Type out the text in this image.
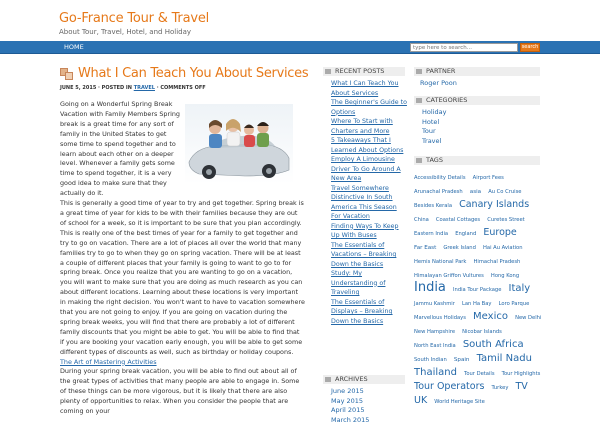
Go-France Tour & Travel
About Tour, Travel, Hotel, and Holiday
HOME
type here to search...	search
What I Can Teach You About Services
JUNE 5, 2015 · POSTED IN TRAVEL · COMMENTS OFF

Going on a Wonderful Spring Break Vacation with Family Members Spring break is a great time for any sort of family in the United States to get some time to spend together and to learn about each other on a deeper level. Whenever a family gets some time to spend together, it is a very good idea to make sure that they actually do it.

This is generally a good time of year to try and get together. Spring break is a great time of year for kids to be with their families because they are out of school for a week, so it is important to be sure that you plan accordingly. This is really one of the best times of year for a family to get together and try to go on vacation. There are a lot of places all over the world that many families try to go to when they go on spring vacation. There will be at least a couple of different places that your family is going to want to go to for spring break. Once you realize that you are wanting to go on a vacation, you will want to make sure that you are doing as much research as you can about different locations. Learning about these locations is very important in making the right decision. You won't want to have to vacation somewhere that you are not going to enjoy. If you are going on vacation during the spring break weeks, you will find that there are probably a lot of different family discounts that you might be able to get. You will be able to find that if you are booking your vacation early enough, you will be able to get some different types of discounts as well, such as birthday or holiday coupons.

The Art of Mastering Activities

During your spring break vacation, you will be able to find out about all of the great types of activities that many people are able to engage in. Some of these things can be more vigorous, but it is likely that there are also plenty of opportunities to relax. When you consider the people that are coming on your

RECENT POSTS
What I Can Teach You About Services
The Beginner's Guide to Options
Where To Start with Charters and More
5 Takeaways That I Learned About Options
Employ A Limousine Driver To Go Around A New Area
Travel Somewhere Distinctive In South America This Season For Vacation
Finding Ways To Keep Up With Buses
The Essentials of Vacations – Breaking Down the Basics
Study: My Understanding of Traveling
The Essentials of Displays – Breaking Down the Basics
ARCHIVES
June 2015
May 2015
April 2015
March 2015
PARTNER
Roger Poon
CATEGORIES
Holiday
Hotel
Tour
Travel
TAGS
Accessibility Details Airport Fees Arunachal Pradesh asia Au Co Cruise Besides Kerala Canary Islands China Coastal Cottages Curetes Street Eastern India England Europe Far East Greek Island Hai Au Aviation Hemis National Park Himachal Pradesh Himalayan Griffon Vultures Hong Kong India India Tour Package Italy Jammu Kashmir Lan Ha Bay Loro Parque Marvellous Holidays Mexico New Delhi New Hampshire Nicobar Islands North East India South Africa South Indian Spain Tamil Nadu Thailand Tour Details Tour Highlights Tour Operators Turkey TV UK World Heritage Site
